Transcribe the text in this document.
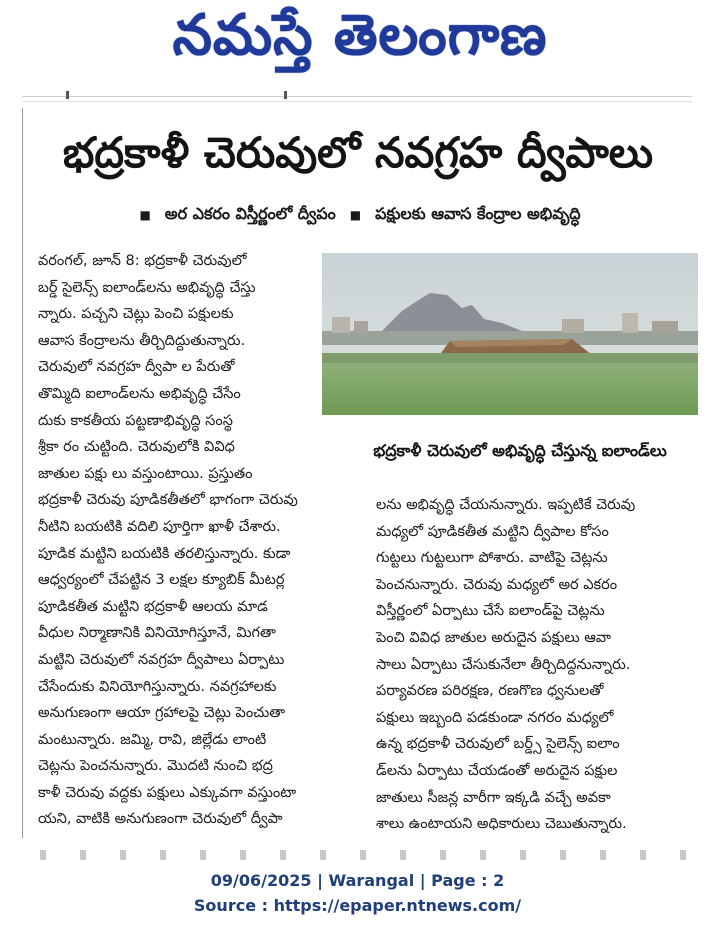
నమస్తే తెలంగాణ
భద్రకాళీ చెరువులో నవగ్రహ ద్వీపాలు
■ అర ఎకరం విస్తీర్ణంలో ద్వీపం ■ పక్షులకు ఆవాస కేంద్రాల అభివృద్ధి
వరంగల్, జూన్ 8: భద్రకాళీ చెరువులో
బర్డ్ సైలెన్స్ ఐలాండ్‌లను అభివృద్ధి చేస్తు
న్నారు. పచ్చని చెట్లు పెంచి పక్షులకు
ఆవాస కేంద్రాలను తీర్చిదిద్దుతున్నారు.
చెరువులో నవగ్రహ ద్వీపా ల పేరుతో
తొమ్మిది ఐలాండ్‌లను అభివృద్ధి చేసేం
దుకు కాకతీయ పట్టణాభివృద్ధి సంస్థ
శ్రీకా రం చుట్టింది. చెరువులోకి వివిధ
జాతుల పక్షు లు వస్తుంటాయి. ప్రస్తుతం
భద్రకాళీ చెరువు పూడికతీతలో భాగంగా చెరువు
నీటిని బయటికి వదిలి పూర్తిగా ఖాళీ చేశారు.
పూడిక మట్టిని బయటికి తరలిస్తున్నారు. కుడా
ఆధ్వర్యంలో చేపట్టిన 3 లక్షల క్యూబిక్ మీటర్ల
పూడికతీత మట్టిని భద్రకాళీ ఆలయ మాడ
వీధుల నిర్మాణానికి వినియోగిస్తూనే, మిగతా
మట్టిని చెరువులో నవగ్రహ ద్వీపాలు ఏర్పాటు
చేసేందుకు వినియోగిస్తున్నారు. నవగ్రహాలకు
అనుగుణంగా ఆయా గ్రహాలపై చెట్లు పెంచుతా
మంటున్నారు. జమ్మి, రావి, జిల్లేడు లాంటి
చెట్లను పెంచనున్నారు. మొదటి నుంచి భద్ర
కాళీ చెరువు వద్దకు పక్షులు ఎక్కువగా వస్తుంటా
యని, వాటికి అనుగుణంగా చెరువులో ద్వీపా
భద్రకాళీ చెరువులో అభివృద్ధి చేస్తున్న ఐలాండ్‌లు
లను అభివృద్ధి చేయనున్నారు. ఇప్పటికే చెరువు
మధ్యలో పూడికతీత మట్టిని ద్వీపాల కోసం
గుట్టలు గుట్టలుగా పోశారు. వాటిపై చెట్లను
పెంచనున్నారు. చెరువు మధ్యలో అర ఎకరం
విస్తీర్ణంలో ఏర్పాటు చేసే ఐలాండ్‌పై చెట్లను
పెంచి వివిధ జాతుల అరుదైన పక్షులు ఆవా
సాలు ఏర్పాటు చేసుకునేలా తీర్చిదిద్దనున్నారు.
పర్యావరణ పరిరక్షణ, రణగొణ ధ్వనులతో
పక్షులు ఇబ్బంది పడకుండా నగరం మధ్యలో
ఉన్న భద్రకాళీ చెరువులో బర్డ్స్ సైలెన్స్ ఐలాం
డ్‌లను ఏర్పాటు చేయడంతో అరుదైన పక్షుల
జాతులు సీజన్ల వారీగా ఇక్కడి వచ్చే అవకా
శాలు ఉంటాయని అధికారులు చెబుతున్నారు.
09/06/2025 | Warangal | Page : 2
Source : https://epaper.ntnews.com/
